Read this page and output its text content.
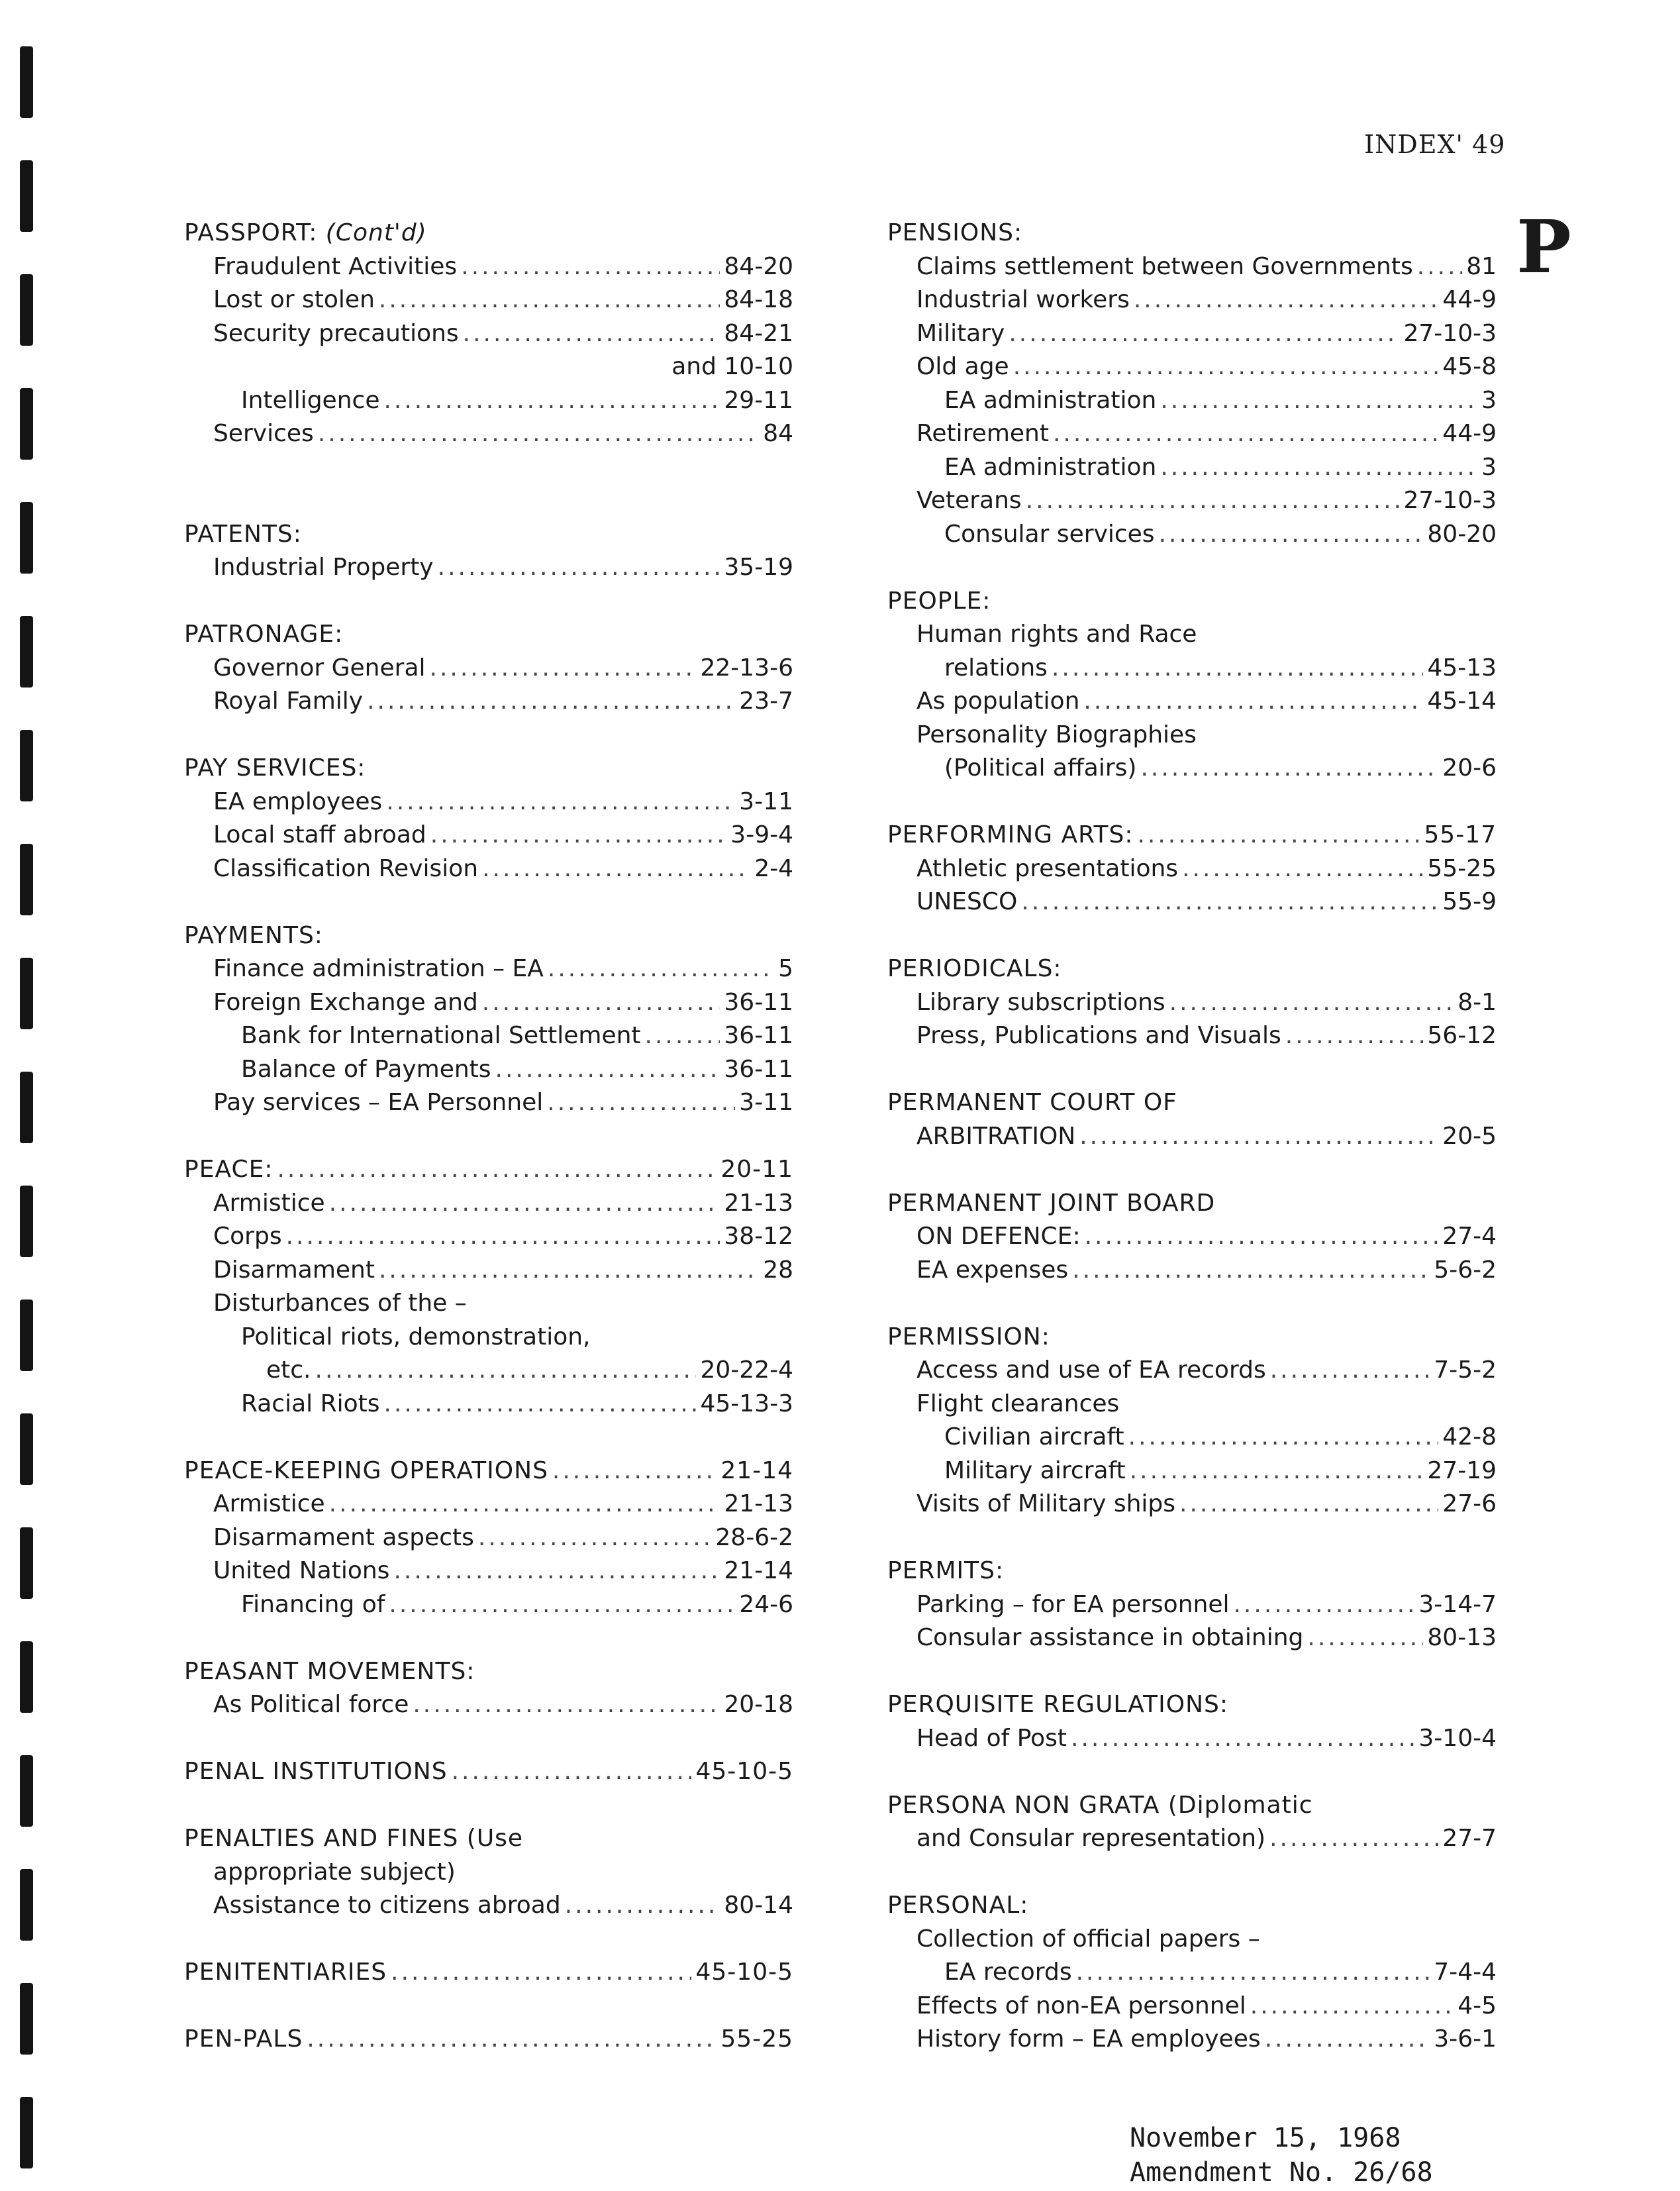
INDEX' 49
P
PASSPORT: (Cont'd)
Fraudulent Activities .....	84-20
Lost or stolen .....	84-18
Security precautions .....	84-21
and 10-10
Intelligence .....	29-11
Services .....	84
PATENTS:
Industrial Property .....	35-19
PATRONAGE:
Governor General .....	22-13-6
Royal Family .....	23-7
PAY SERVICES:
EA employees .....	3-11
Local staff abroad .....	3-9-4
Classification Revision .....	2-4
PAYMENTS:
Finance administration – EA .....	5
Foreign Exchange and .....	36-11
Bank for International Settlement .....	36-11
Balance of Payments .....	36-11
Pay services – EA Personnel .....	3-11
PEACE: .....	20-11
Armistice .....	21-13
Corps .....	38-12
Disarmament .....	28
Disturbances of the –
Political riots, demonstration,
etc. .....	20-22-4
Racial Riots .....	45-13-3
PEACE-KEEPING OPERATIONS .....	21-14
Armistice .....	21-13
Disarmament aspects .....	28-6-2
United Nations .....	21-14
Financing of .....	24-6
PEASANT MOVEMENTS:
As Political force .....	20-18
PENAL INSTITUTIONS .....	45-10-5
PENALTIES AND FINES (Use
appropriate subject)
Assistance to citizens abroad .....	80-14
PENITENTIARIES .....	45-10-5
PEN-PALS .....	55-25
PENSIONS:
Claims settlement between Governments ..... 81
Industrial workers .....	44-9
Military .....	27-10-3
Old age .....	45-8
EA administration .....	3
Retirement .....	44-9
EA administration .....	3
Veterans .....	27-10-3
Consular services .....	80-20
PEOPLE:
Human rights and Race
relations .....	45-13
As population .....	45-14
Personality Biographies
(Political affairs) .....	20-6
PERFORMING ARTS: .....	55-17
Athletic presentations .....	55-25
UNESCO .....	55-9
PERIODICALS:
Library subscriptions .....	8-1
Press, Publications and Visuals .....	56-12
PERMANENT COURT OF
ARBITRATION .....	20-5
PERMANENT JOINT BOARD
ON DEFENCE: .....	27-4
EA expenses .....	5-6-2
PERMISSION:
Access and use of EA records .....	7-5-2
Flight clearances
Civilian aircraft .....	42-8
Military aircraft .....	27-19
Visits of Military ships .....	27-6
PERMITS:
Parking – for EA personnel .....	3-14-7
Consular assistance in obtaining .....	80-13
PERQUISITE REGULATIONS:
Head of Post .....	3-10-4
PERSONA NON GRATA (Diplomatic
and Consular representation) .....	27-7
PERSONAL:
Collection of official papers –
EA records .....	7-4-4
Effects of non-EA personnel .....	4-5
History form – EA employees .....	3-6-1
November 15, 1968
Amendment No. 26/68
